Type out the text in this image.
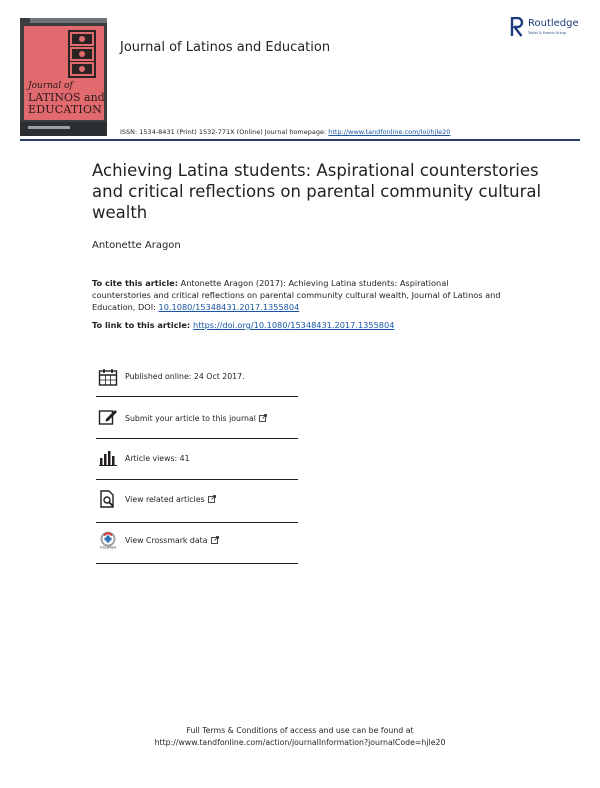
Journal of
LATINOS and
EDUCATION
Journal of Latinos and Education
ISSN: 1534-8431 (Print) 1532-771X (Online) Journal homepage: http://www.tandfonline.com/loi/hjle20
Routledge
Taylor & Francis Group
Achieving Latina students: Aspirational counterstories and critical reflections on parental community cultural wealth
Antonette Aragon
To cite this article: Antonette Aragon (2017): Achieving Latina students: Aspirational
counterstories and critical reflections on parental community cultural wealth, Journal of Latinos and
Education, DOI: 10.1080/15348431.2017.1355804
To link to this article: https://doi.org/10.1080/15348431.2017.1355804
Published online: 24 Oct 2017.
Submit your article to this journal
Article views: 41
View related articles
CrossMark
View Crossmark data
Full Terms & Conditions of access and use can be found at
http://www.tandfonline.com/action/journalInformation?journalCode=hjle20
